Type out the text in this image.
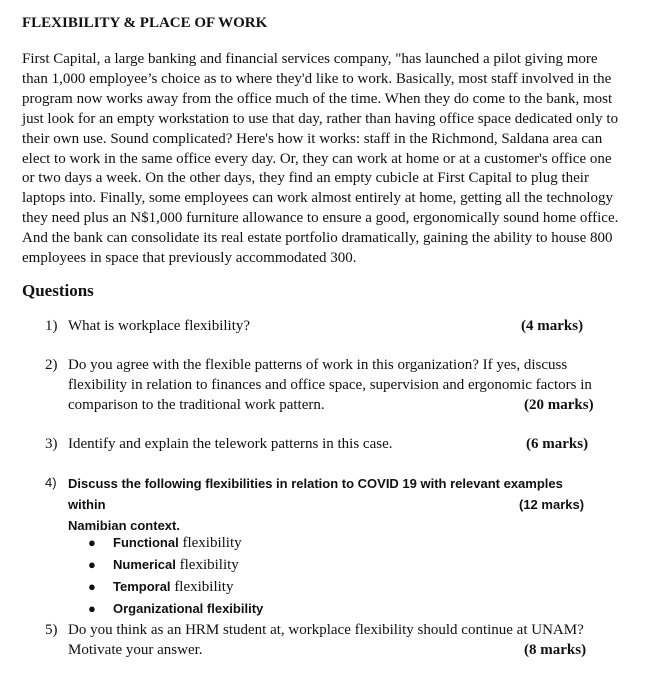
FLEXIBILITY & PLACE OF WORK
First Capital, a large banking and financial services company, "has launched a pilot giving more
than 1,000 employee’s choice as to where they'd like to work. Basically, most staff involved in the
program now works away from the office much of the time. When they do come to the bank, most
just look for an empty workstation to use that day, rather than having office space dedicated only to
their own use. Sound complicated? Here's how it works: staff in the Richmond, Saldana area can
elect to work in the same office every day. Or, they can work at home or at a customer's office one
or two days a week. On the other days, they find an empty cubicle at First Capital to plug their
laptops into. Finally, some employees can work almost entirely at home, getting all the technology
they need plus an N$1,000 furniture allowance to ensure a good, ergonomically sound home office.
And the bank can consolidate its real estate portfolio dramatically, gaining the ability to house 800
employees in space that previously accommodated 300.
Questions
1) What is workplace flexibility?	(4 marks)
2) Do you agree with the flexible patterns of work in this organization? If yes, discuss
flexibility in relation to finances and office space, supervision and ergonomic factors in
comparison to the traditional work pattern.	(20 marks)
3) Identify and explain the telework patterns in this case.	(6 marks)
4) Discuss the following flexibilities in relation to COVID 19 with relevant examples within
Namibian context.
(12 marks)
● Functional flexibility
● Numerical flexibility
● Temporal flexibility
● Organizational flexibility
5) Do you think as an HRM student at, workplace flexibility should continue at UNAM?
Motivate your answer.	(8 marks)
